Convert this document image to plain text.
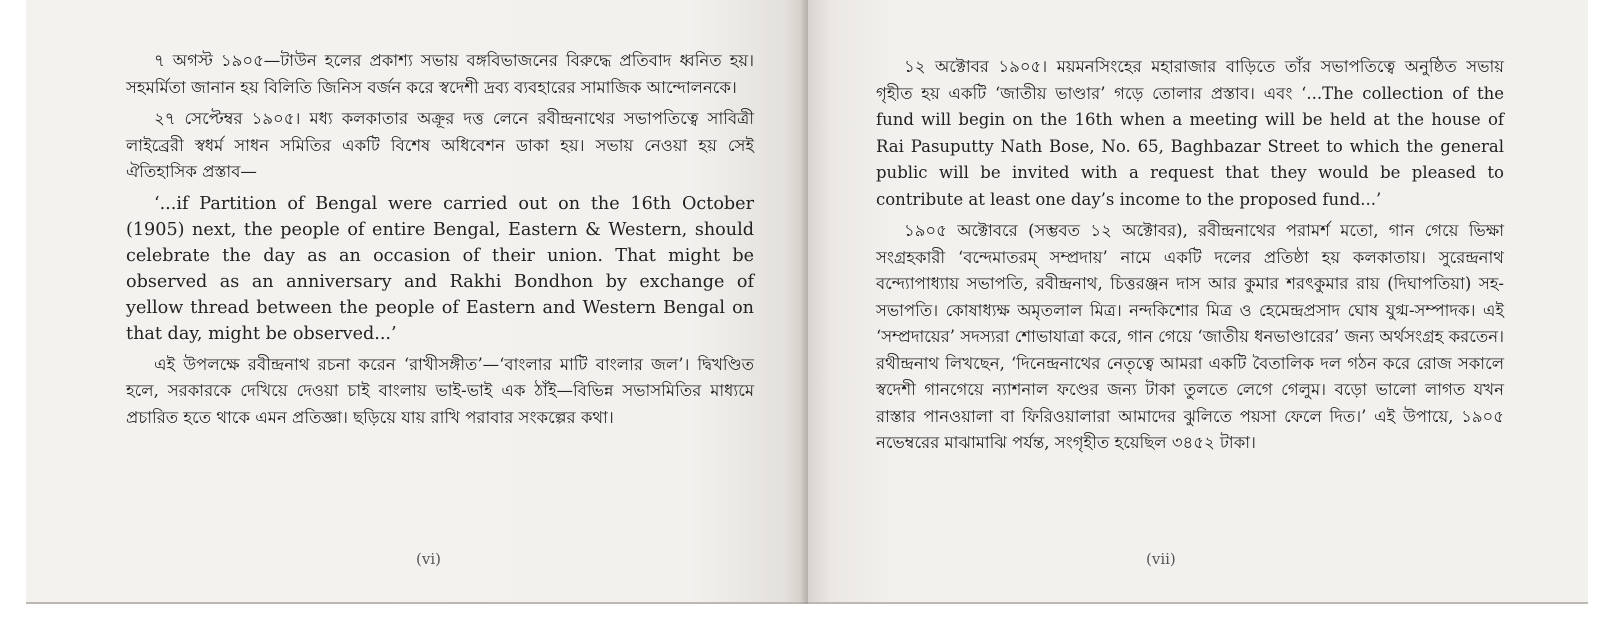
৭ অগস্ট ১৯০৫—টাউন হলের প্রকাশ্য সভায় বঙ্গবিভাজনের বিরুদ্ধে প্রতিবাদ ধ্বনিত হয়। সহমর্মিতা জানান হয় বিলিতি জিনিস বর্জন করে স্বদেশী দ্রব্য ব্যবহারের সামাজিক আন্দোলনকে।

২৭ সেপ্টেম্বর ১৯০৫। মধ্য কলকাতার অক্রূর দত্ত লেনে রবীন্দ্রনাথের সভাপতিত্বে সাবিত্রী লাইব্রেরী স্বধর্ম সাধন সমিতির একটি বিশেষ অধিবেশন ডাকা হয়। সভায় নেওয়া হয় সেই ঐতিহাসিক প্রস্তাব—

‘...if Partition of Bengal were carried out on the 16th October (1905) next, the people of entire Bengal, Eastern & Western, should celebrate the day as an occasion of their union. That might be observed as an anniversary and Rakhi Bondhon by exchange of yellow thread between the people of Eastern and Western Bengal on that day, might be observed...’

এই উপলক্ষে রবীন্দ্রনাথ রচনা করেন ‘রাখীসঙ্গীত’—‘বাংলার মাটি বাংলার জল’। দ্বিখণ্ডিত হলে, সরকারকে দেখিয়ে দেওয়া চাই বাংলায় ভাই-ভাই এক ঠাঁই—বিভিন্ন সভাসমিতির মাধ্যমে প্রচারিত হতে থাকে এমন প্রতিজ্ঞা। ছড়িয়ে যায় রাখি পরাবার সংকল্পের কথা।

(vi)

১২ অক্টোবর ১৯০৫। ময়মনসিংহের মহারাজার বাড়িতে তাঁর সভাপতিত্বে অনুষ্ঠিত সভায় গৃহীত হয় একটি ‘জাতীয় ভাণ্ডার’ গড়ে তোলার প্রস্তাব। এবং ‘...The collection of the fund will begin on the 16th when a meeting will be held at the house of Rai Pasuputty Nath Bose, No. 65, Baghbazar Street to which the general public will be invited with a request that they would be pleased to contribute at least one day’s income to the proposed fund...’

১৯০৫ অক্টোবরে (সম্ভবত ১২ অক্টোবর), রবীন্দ্রনাথের পরামর্শ মতো, গান গেয়ে ভিক্ষা সংগ্রহকারী ‘বন্দেমাতরম্ সম্প্রদায়’ নামে একটি দলের প্রতিষ্ঠা হয় কলকাতায়। সুরেন্দ্রনাথ বন্দ্যোপাধ্যায় সভাপতি, রবীন্দ্রনাথ, চিত্তরঞ্জন দাস আর কুমার শরৎকুমার রায় (দিঘাপতিয়া) সহ-সভাপতি। কোষাধ্যক্ষ অমৃতলাল মিত্র। নন্দকিশোর মিত্র ও হেমেন্দ্রপ্রসাদ ঘোষ যুগ্ম-সম্পাদক। এই ‘সম্প্রদায়ের’ সদস্যরা শোভাযাত্রা করে, গান গেয়ে ‘জাতীয় ধনভাণ্ডারের’ জন্য অর্থসংগ্রহ করতেন। রথীন্দ্রনাথ লিখছেন, ‘দিনেন্দ্রনাথের নেতৃত্বে আমরা একটি বৈতালিক দল গঠন করে রোজ সকালে স্বদেশী গানগেয়ে ন্যাশনাল ফণ্ডের জন্য টাকা তুলতে লেগে গেলুম। বড়ো ভালো লাগত যখন রাস্তার পানওয়ালা বা ফিরিওয়ালারা আমাদের ঝুলিতে পয়সা ফেলে দিত।’ এই উপায়ে, ১৯০৫ নভেম্বরের মাঝামাঝি পর্যন্ত, সংগৃহীত হয়েছিল ৩৪৫২ টাকা।

(vii)
